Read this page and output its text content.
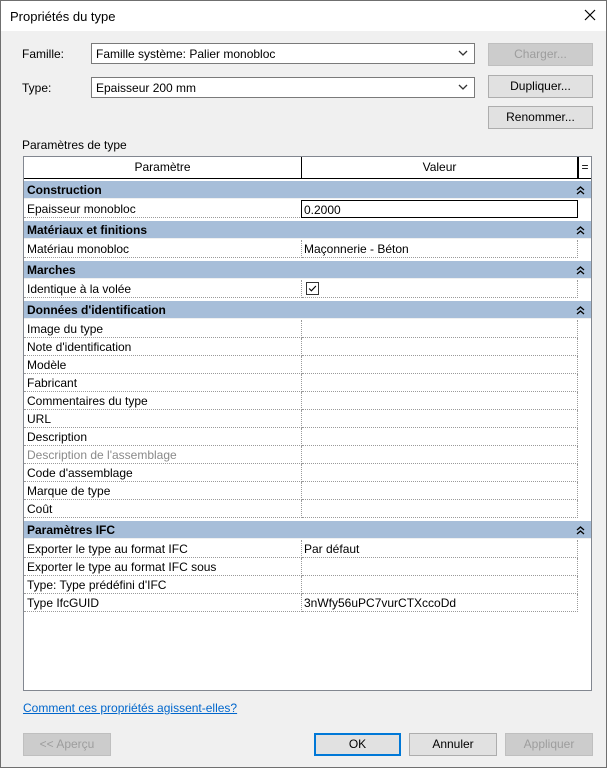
Propriétés du type
Famille:	Famille système: Palier monobloc	Charger...
Type:	Epaisseur 200 mm	Dupliquer...
Renommer...
Paramètres de type
Paramètre	Valeur	=
Construction
Epaisseur monobloc	0.2000
Matériaux et finitions
Matériau monobloc	Maçonnerie - Béton
Marches
Identique à la volée
Données d'identification
Image du type
Note d'identification
Modèle
Fabricant
Commentaires du type
URL
Description
Description de l'assemblage
Code d'assemblage
Marque de type
Coût
Paramètres IFC
Exporter le type au format IFC	Par défaut
Exporter le type au format IFC sous
Type: Type prédéfini d'IFC
Type IfcGUID	3nWfy56uPC7vurCTXccoDd
Comment ces propriétés agissent-elles?
<< Aperçu	OK	Annuler	Appliquer
